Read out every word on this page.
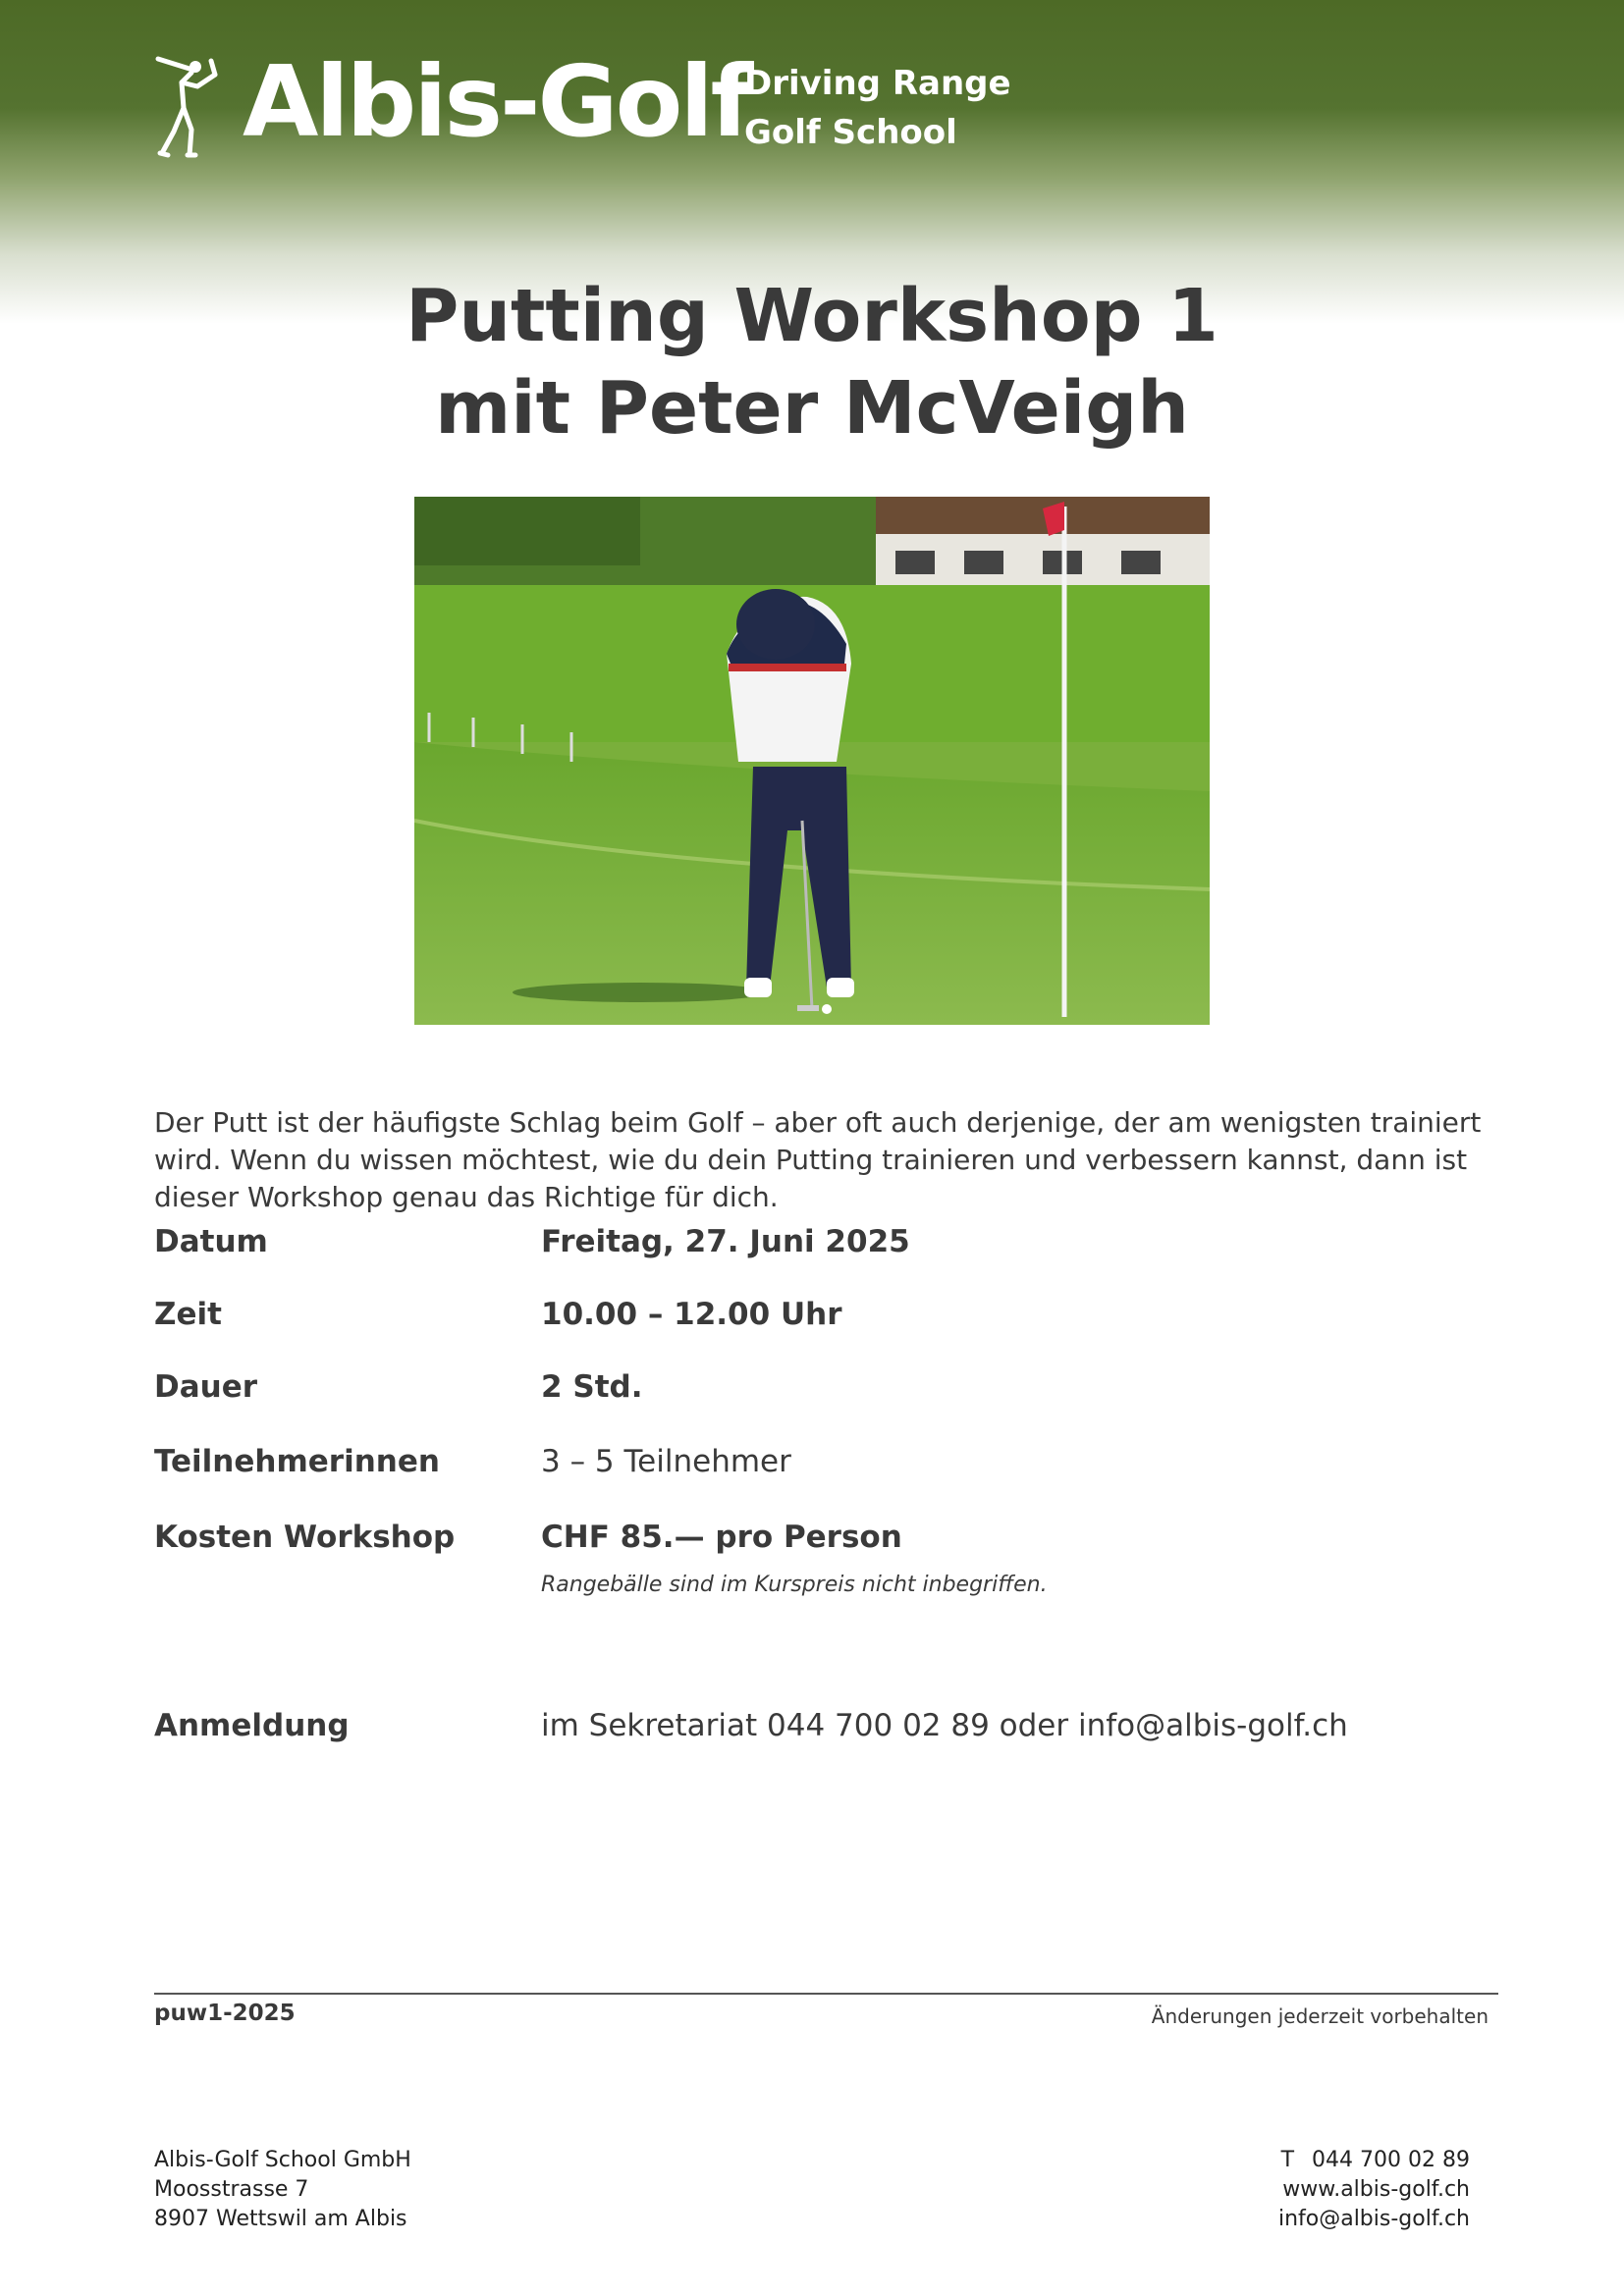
Albis-Golf
Driving Range
Golf School
Putting Workshop 1
mit Peter McVeigh

Der Putt ist der häufigste Schlag beim Golf – aber oft auch derjenige, der am wenigsten trainiert wird. Wenn du wissen möchtest, wie du dein Putting trainieren und verbessern kannst, dann ist dieser Workshop genau das Richtige für dich.

Datum	Freitag, 27. Juni 2025
Zeit	10.00 – 12.00 Uhr
Dauer	2 Std.
Teilnehmerinnen	3 – 5 Teilnehmer
Kosten Workshop	CHF 85.— pro Person
Rangebälle sind im Kurspreis nicht inbegriffen.
Anmeldung	im Sekretariat 044 700 02 89 oder info@albis-golf.ch
puw1-2025	Änderungen jederzeit vorbehalten
Albis-Golf School GmbH
Moosstrasse 7
8907 Wettswil am Albis
T 044 700 02 89
www.albis-golf.ch
info@albis-golf.ch
